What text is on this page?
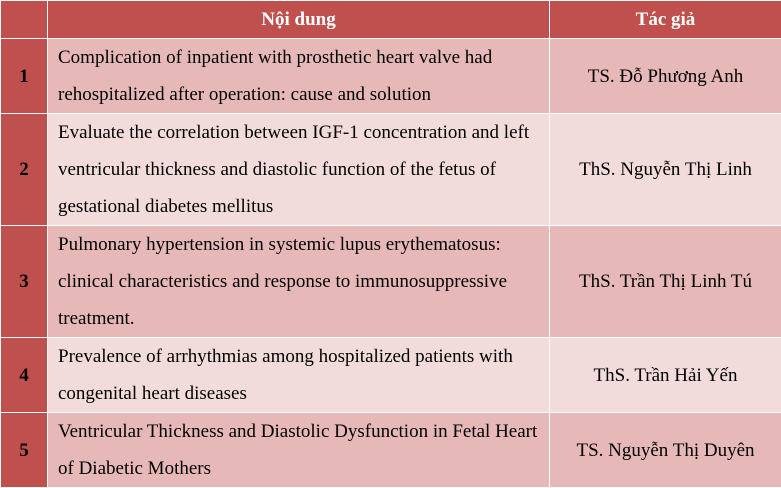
	Nội dung	Tác giả
1	Complication of inpatient with prosthetic heart valve had rehospitalized after operation: cause and solution	TS. Đỗ Phương Anh
2	Evaluate the correlation between IGF-1 concentration and left ventricular thickness and diastolic function of the fetus of gestational diabetes mellitus	ThS. Nguyễn Thị Linh
3	Pulmonary hypertension in systemic lupus erythematosus: clinical characteristics and response to immunosuppressive treatment.	ThS. Trần Thị Linh Tú
4	Prevalence of arrhythmias among hospitalized patients with congenital heart diseases	ThS. Trần Hải Yến
5	Ventricular Thickness and Diastolic Dysfunction in Fetal Heart of Diabetic Mothers	TS. Nguyễn Thị Duyên
